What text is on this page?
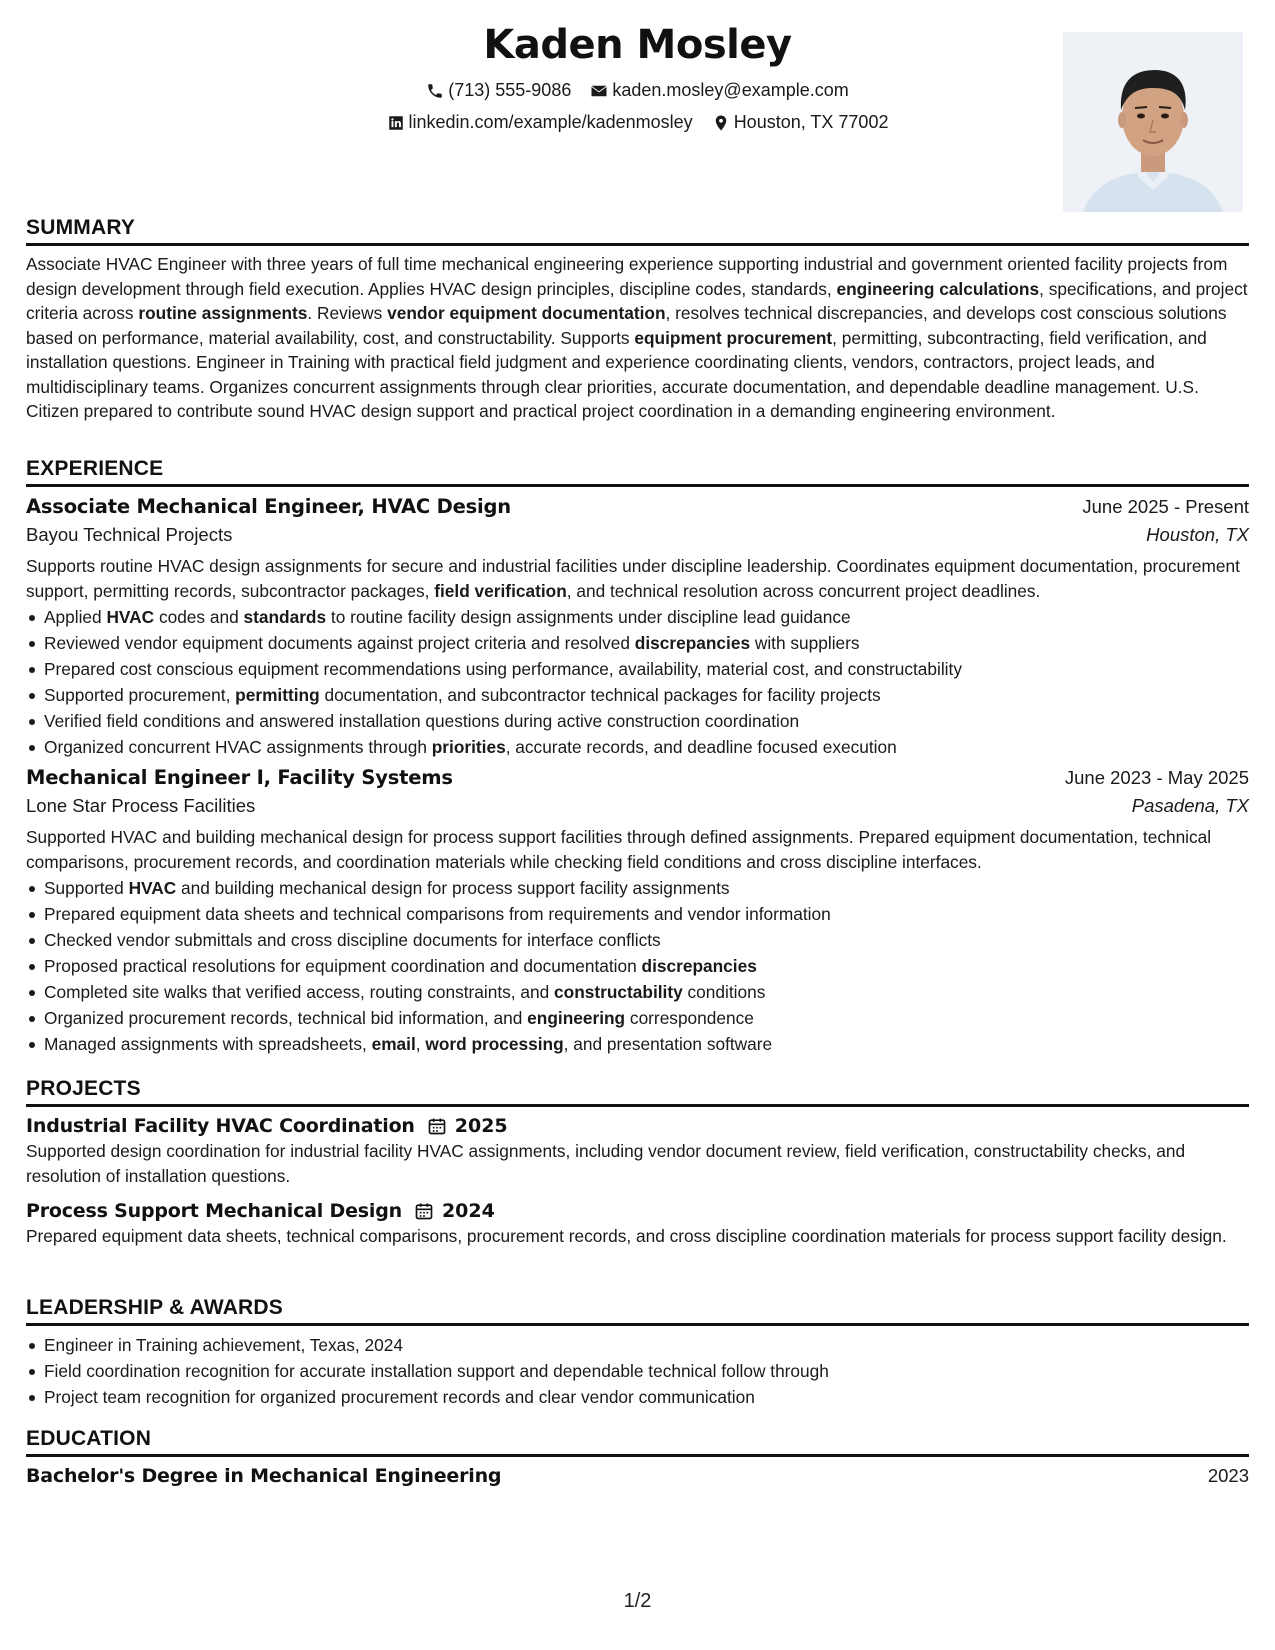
Kaden Mosley
(713) 555-9086
kaden.mosley@example.com
linkedin.com/example/kadenmosley
Houston, TX 77002
SUMMARY

Associate HVAC Engineer with three years of full time mechanical engineering experience supporting industrial and government oriented facility projects from design development through field execution. Applies HVAC design principles, discipline codes, standards, engineering calculations, specifications, and project criteria across routine assignments. Reviews vendor equipment documentation, resolves technical discrepancies, and develops cost conscious solutions based on performance, material availability, cost, and constructability. Supports equipment procurement, permitting, subcontracting, field verification, and installation questions. Engineer in Training with practical field judgment and experience coordinating clients, vendors, contractors, project leads, and multidisciplinary teams. Organizes concurrent assignments through clear priorities, accurate documentation, and dependable deadline management. U.S. Citizen prepared to contribute sound HVAC design support and practical project coordination in a demanding engineering environment.

EXPERIENCE
Associate Mechanical Engineer, HVAC Design	June 2025 - Present
Bayou Technical Projects	Houston, TX

Supports routine HVAC design assignments for secure and industrial facilities under discipline leadership. Coordinates equipment documentation, procurement support, permitting records, subcontractor packages, field verification, and technical resolution across concurrent project deadlines.

Applied HVAC codes and standards to routine facility design assignments under discipline lead guidance
Reviewed vendor equipment documents against project criteria and resolved discrepancies with suppliers
Prepared cost conscious equipment recommendations using performance, availability, material cost, and constructability
Supported procurement, permitting documentation, and subcontractor technical packages for facility projects
Verified field conditions and answered installation questions during active construction coordination
Organized concurrent HVAC assignments through priorities, accurate records, and deadline focused execution
Mechanical Engineer I, Facility Systems	June 2023 - May 2025
Lone Star Process Facilities	Pasadena, TX

Supported HVAC and building mechanical design for process support facilities through defined assignments. Prepared equipment documentation, technical comparisons, procurement records, and coordination materials while checking field conditions and cross discipline interfaces.

Supported HVAC and building mechanical design for process support facility assignments
Prepared equipment data sheets and technical comparisons from requirements and vendor information
Checked vendor submittals and cross discipline documents for interface conflicts
Proposed practical resolutions for equipment coordination and documentation discrepancies
Completed site walks that verified access, routing constraints, and constructability conditions
Organized procurement records, technical bid information, and engineering correspondence
Managed assignments with spreadsheets, email, word processing, and presentation software
PROJECTS
Industrial Facility HVAC Coordination 2025

Supported design coordination for industrial facility HVAC assignments, including vendor document review, field verification, constructability checks, and resolution of installation questions.

Process Support Mechanical Design 2024

Prepared equipment data sheets, technical comparisons, procurement records, and cross discipline coordination materials for process support facility design.

LEADERSHIP & AWARDS
Engineer in Training achievement, Texas, 2024
Field coordination recognition for accurate installation support and dependable technical follow through
Project team recognition for organized procurement records and clear vendor communication
EDUCATION
Bachelor's Degree in Mechanical Engineering	2023
1/2
